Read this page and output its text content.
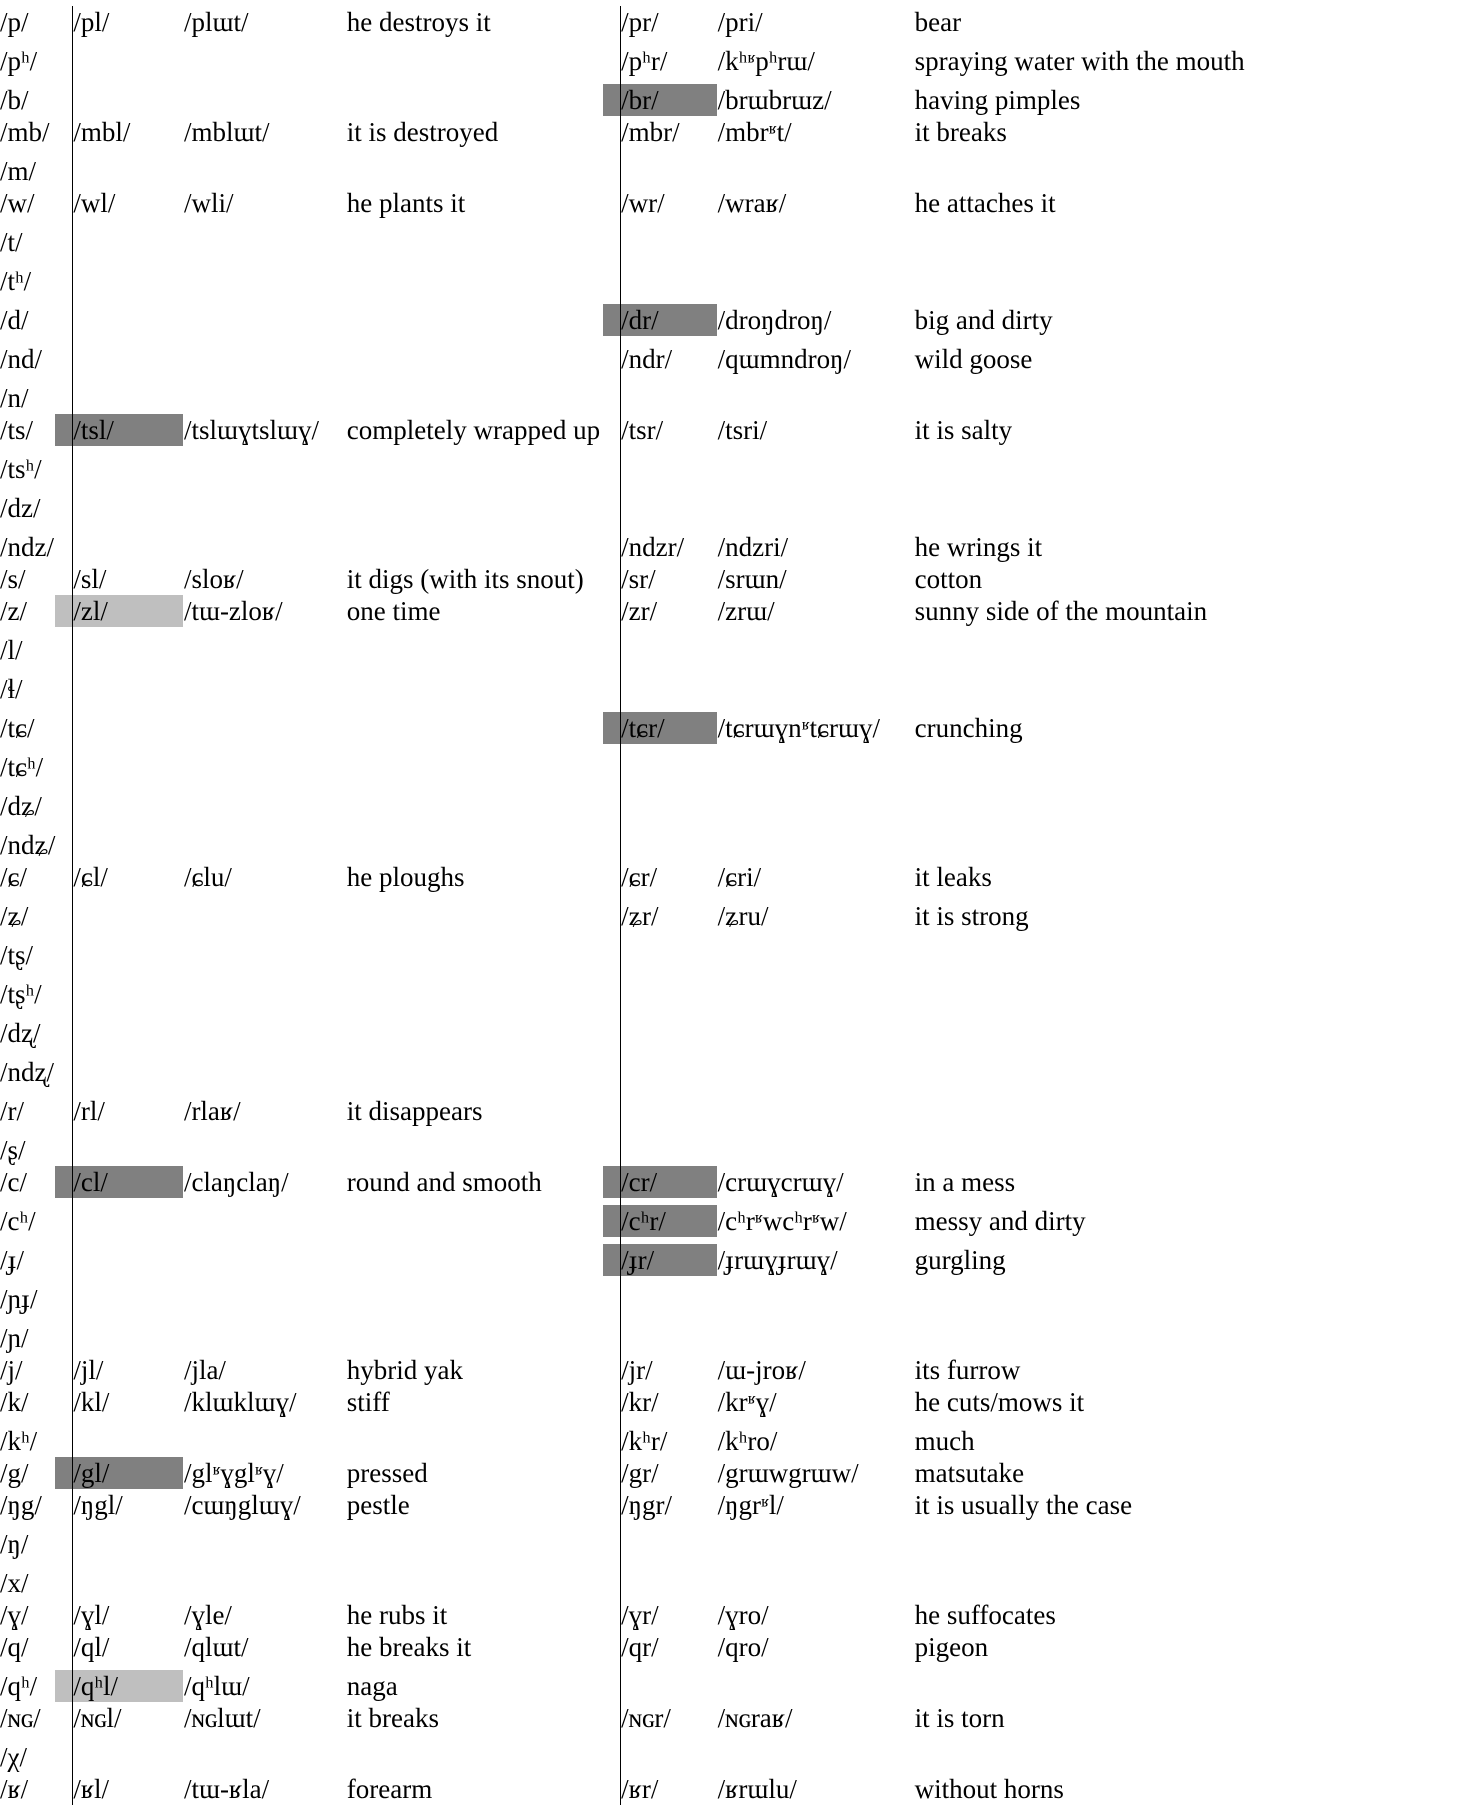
/p/	/pl/	/plɯt/	he destroys it	/pr/	/pri/	bear
/pʰ/				/pʰr/	/kʰʶpʰrɯ/	spraying water with the mouth
/b/				/br/	/brɯbrɯz/	having pimples
/mb/	/mbl/	/mblɯt/	it is destroyed	/mbr/	/mbrʶt/	it breaks
/m/	

/w/	/wl/	/wli/	he plants it	/wr/	/wraʁ/	he attaches it
/t/	

/tʰ/	

/d/				/dr/	/droŋdroŋ/	big and dirty
/nd/				/ndr/	/qɯmndroŋ/	wild goose
/n/	

/ts/	/tsl/	/tslɯɣtslɯɣ/	completely wrapped up	/tsr/	/tsri/	it is salty
/tsʰ/	

/dz/	

/ndz/				/ndzr/	/ndzri/	he wrings it
/s/	/sl/	/sloʁ/	it digs (with its snout)	/sr/	/srɯn/	cotton
/z/	/zl/	/tɯ-zloʁ/	one time	/zr/	/zrɯ/	sunny side of the mountain
/l/	

/ɬ/	

/tɕ/				/tɕr/	/tɕrɯɣnʶtɕrɯɣ/	crunching
/tɕʰ/	

/dʑ/	

/ndʑ/	

/ɕ/	/ɕl/	/ɕlu/	he ploughs	/ɕr/	/ɕri/	it leaks
/ʑ/				/ʑr/	/ʑru/	it is strong
/tʂ/	

/tʂʰ/	

/dʐ/	

/ndʐ/	

/r/	/rl/	/rlaʁ/	it disappears	

/ʂ/	

/c/	/cl/	/claŋclaŋ/	round and smooth	/cr/	/crɯɣcrɯɣ/	in a mess
/cʰ/				/cʰr/	/cʰrʶwcʰrʶw/	messy and dirty
/ɟ/				/ɟr/	/ɟrɯɣɟrɯɣ/	gurgling
/ɲɟ/	

/ɲ/	

/j/	/jl/	/jla/	hybrid yak	/jr/	/ɯ-jroʁ/	its furrow
/k/	/kl/	/klɯklɯɣ/	stiff	/kr/	/krʶɣ/	he cuts/mows it
/kʰ/				/kʰr/	/kʰro/	much
/g/	/gl/	/glʶɣglʶɣ/	pressed	/gr/	/grɯwgrɯw/	matsutake
/ŋg/	/ŋgl/	/cɯŋglɯɣ/	pestle	/ŋgr/	/ŋgrʶl/	it is usually the case
/ŋ/	

/x/	

/ɣ/	/ɣl/	/ɣle/	he rubs it	/ɣr/	/ɣro/	he suffocates
/q/	/ql/	/qlɯt/	he breaks it	/qr/	/qro/	pigeon
/qʰ/	/qʰl/	/qʰlɯ/	naga	

/ɴɢ/	/ɴɢl/	/ɴɢlɯt/	it breaks	/ɴɢr/	/ɴɢraʁ/	it is torn
/χ/	

/ʁ/	/ʁl/	/tɯ-ʁla/	forearm	/ʁr/	/ʁrɯlu/	without horns
